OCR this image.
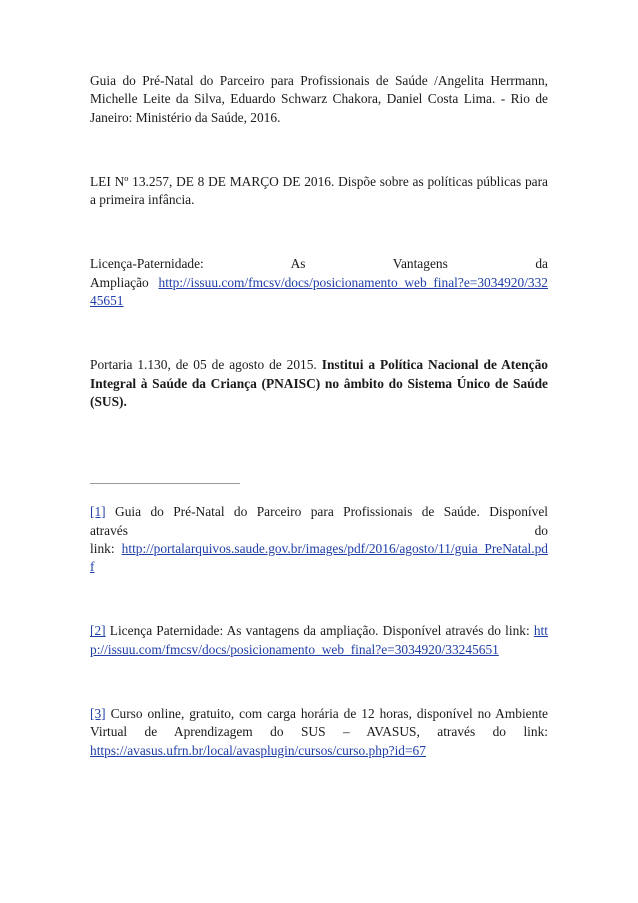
Guia do Pré-Natal do Parceiro para Profissionais de Saúde /Angelita Herrmann, Michelle Leite da Silva, Eduardo Schwarz Chakora, Daniel Costa Lima. - Rio de Janeiro: Ministério da Saúde, 2016.

LEI Nº 13.257, DE 8 DE MARÇO DE 2016. Dispõe sobre as políticas públicas para a primeira infância.

Licença-Paternidade: As Vantagens da
Ampliação http://issuu.com/fmcsv/docs/posicionamento_web_final?e=3034920/33245651

Portaria 1.130, de 05 de agosto de 2015. Institui a Política Nacional de Atenção Integral à Saúde da Criança (PNAISC) no âmbito do Sistema Único de Saúde (SUS).

[1] Guia do Pré-Natal do Parceiro para Profissionais de Saúde. Disponível
através do
link: http://portalarquivos.saude.gov.br/images/pdf/2016/agosto/11/guia_PreNatal.pdf
[2] Licença Paternidade: As vantagens da ampliação. Disponível através do link: http://issuu.com/fmcsv/docs/posicionamento_web_final?e=3034920/33245651
[3] Curso online, gratuito, com carga horária de 12 horas, disponível no Ambiente Virtual de Aprendizagem do SUS – AVASUS, através do link: https://avasus.ufrn.br/local/avasplugin/cursos/curso.php?id=67
